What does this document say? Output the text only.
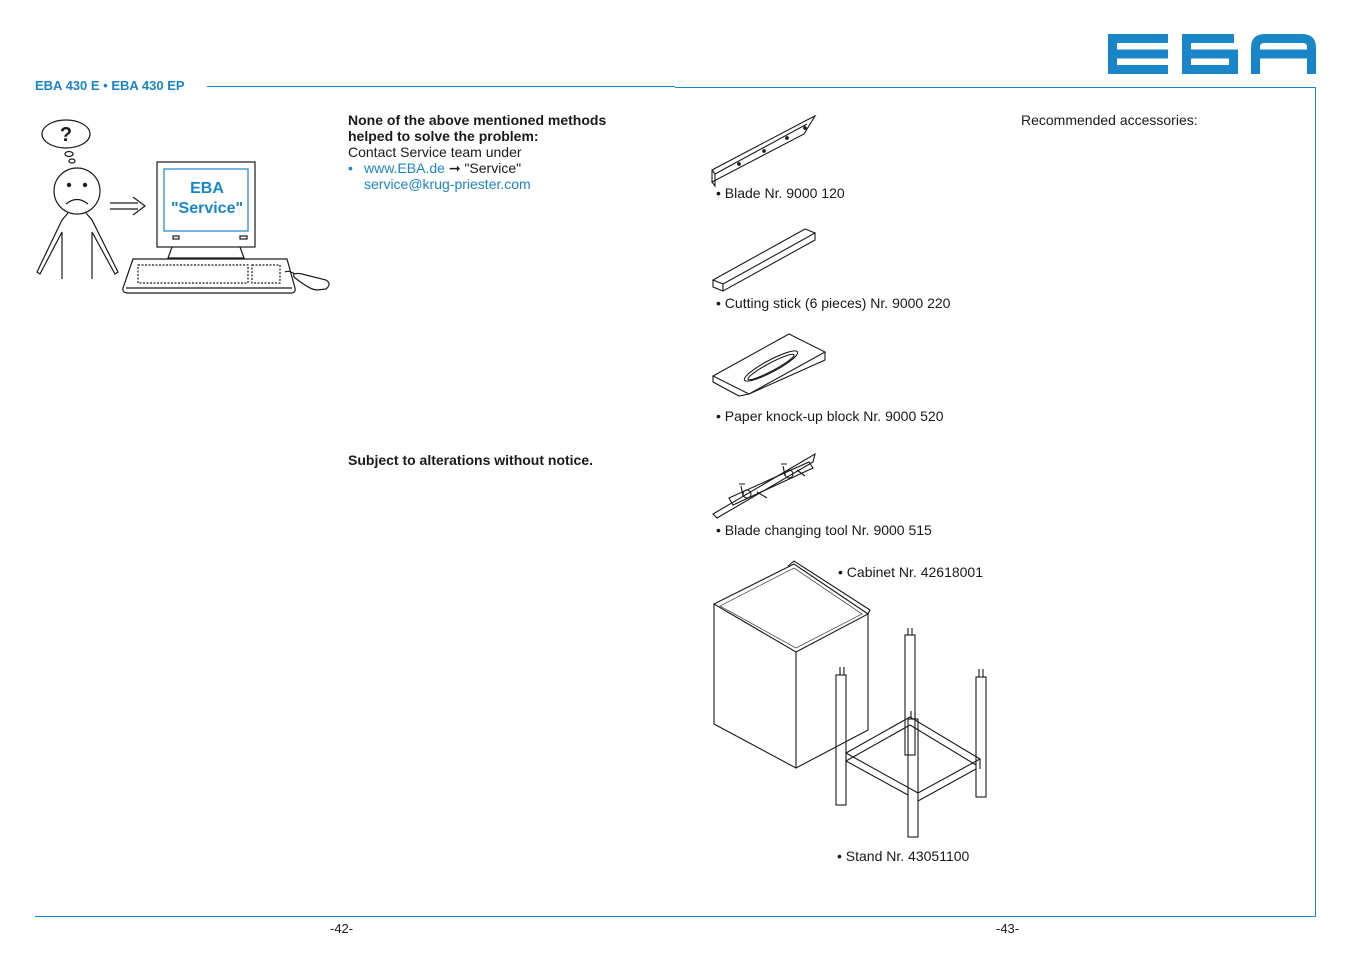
EBA 430 E • EBA 430 EP
?
EBA
"Service"
None of the above mentioned methods
helped to solve the problem:
Contact Service team under
• www.EBA.de ➞ "Service"
service@krug-priester.com
Subject to alterations without notice.
Recommended accessories:
• Blade Nr. 9000 120
• Cutting stick (6 pieces) Nr. 9000 220
• Paper knock-up block Nr. 9000 520
• Blade changing tool Nr. 9000 515
• Cabinet Nr. 42618001
• Stand Nr. 43051100
-42-	-43-
